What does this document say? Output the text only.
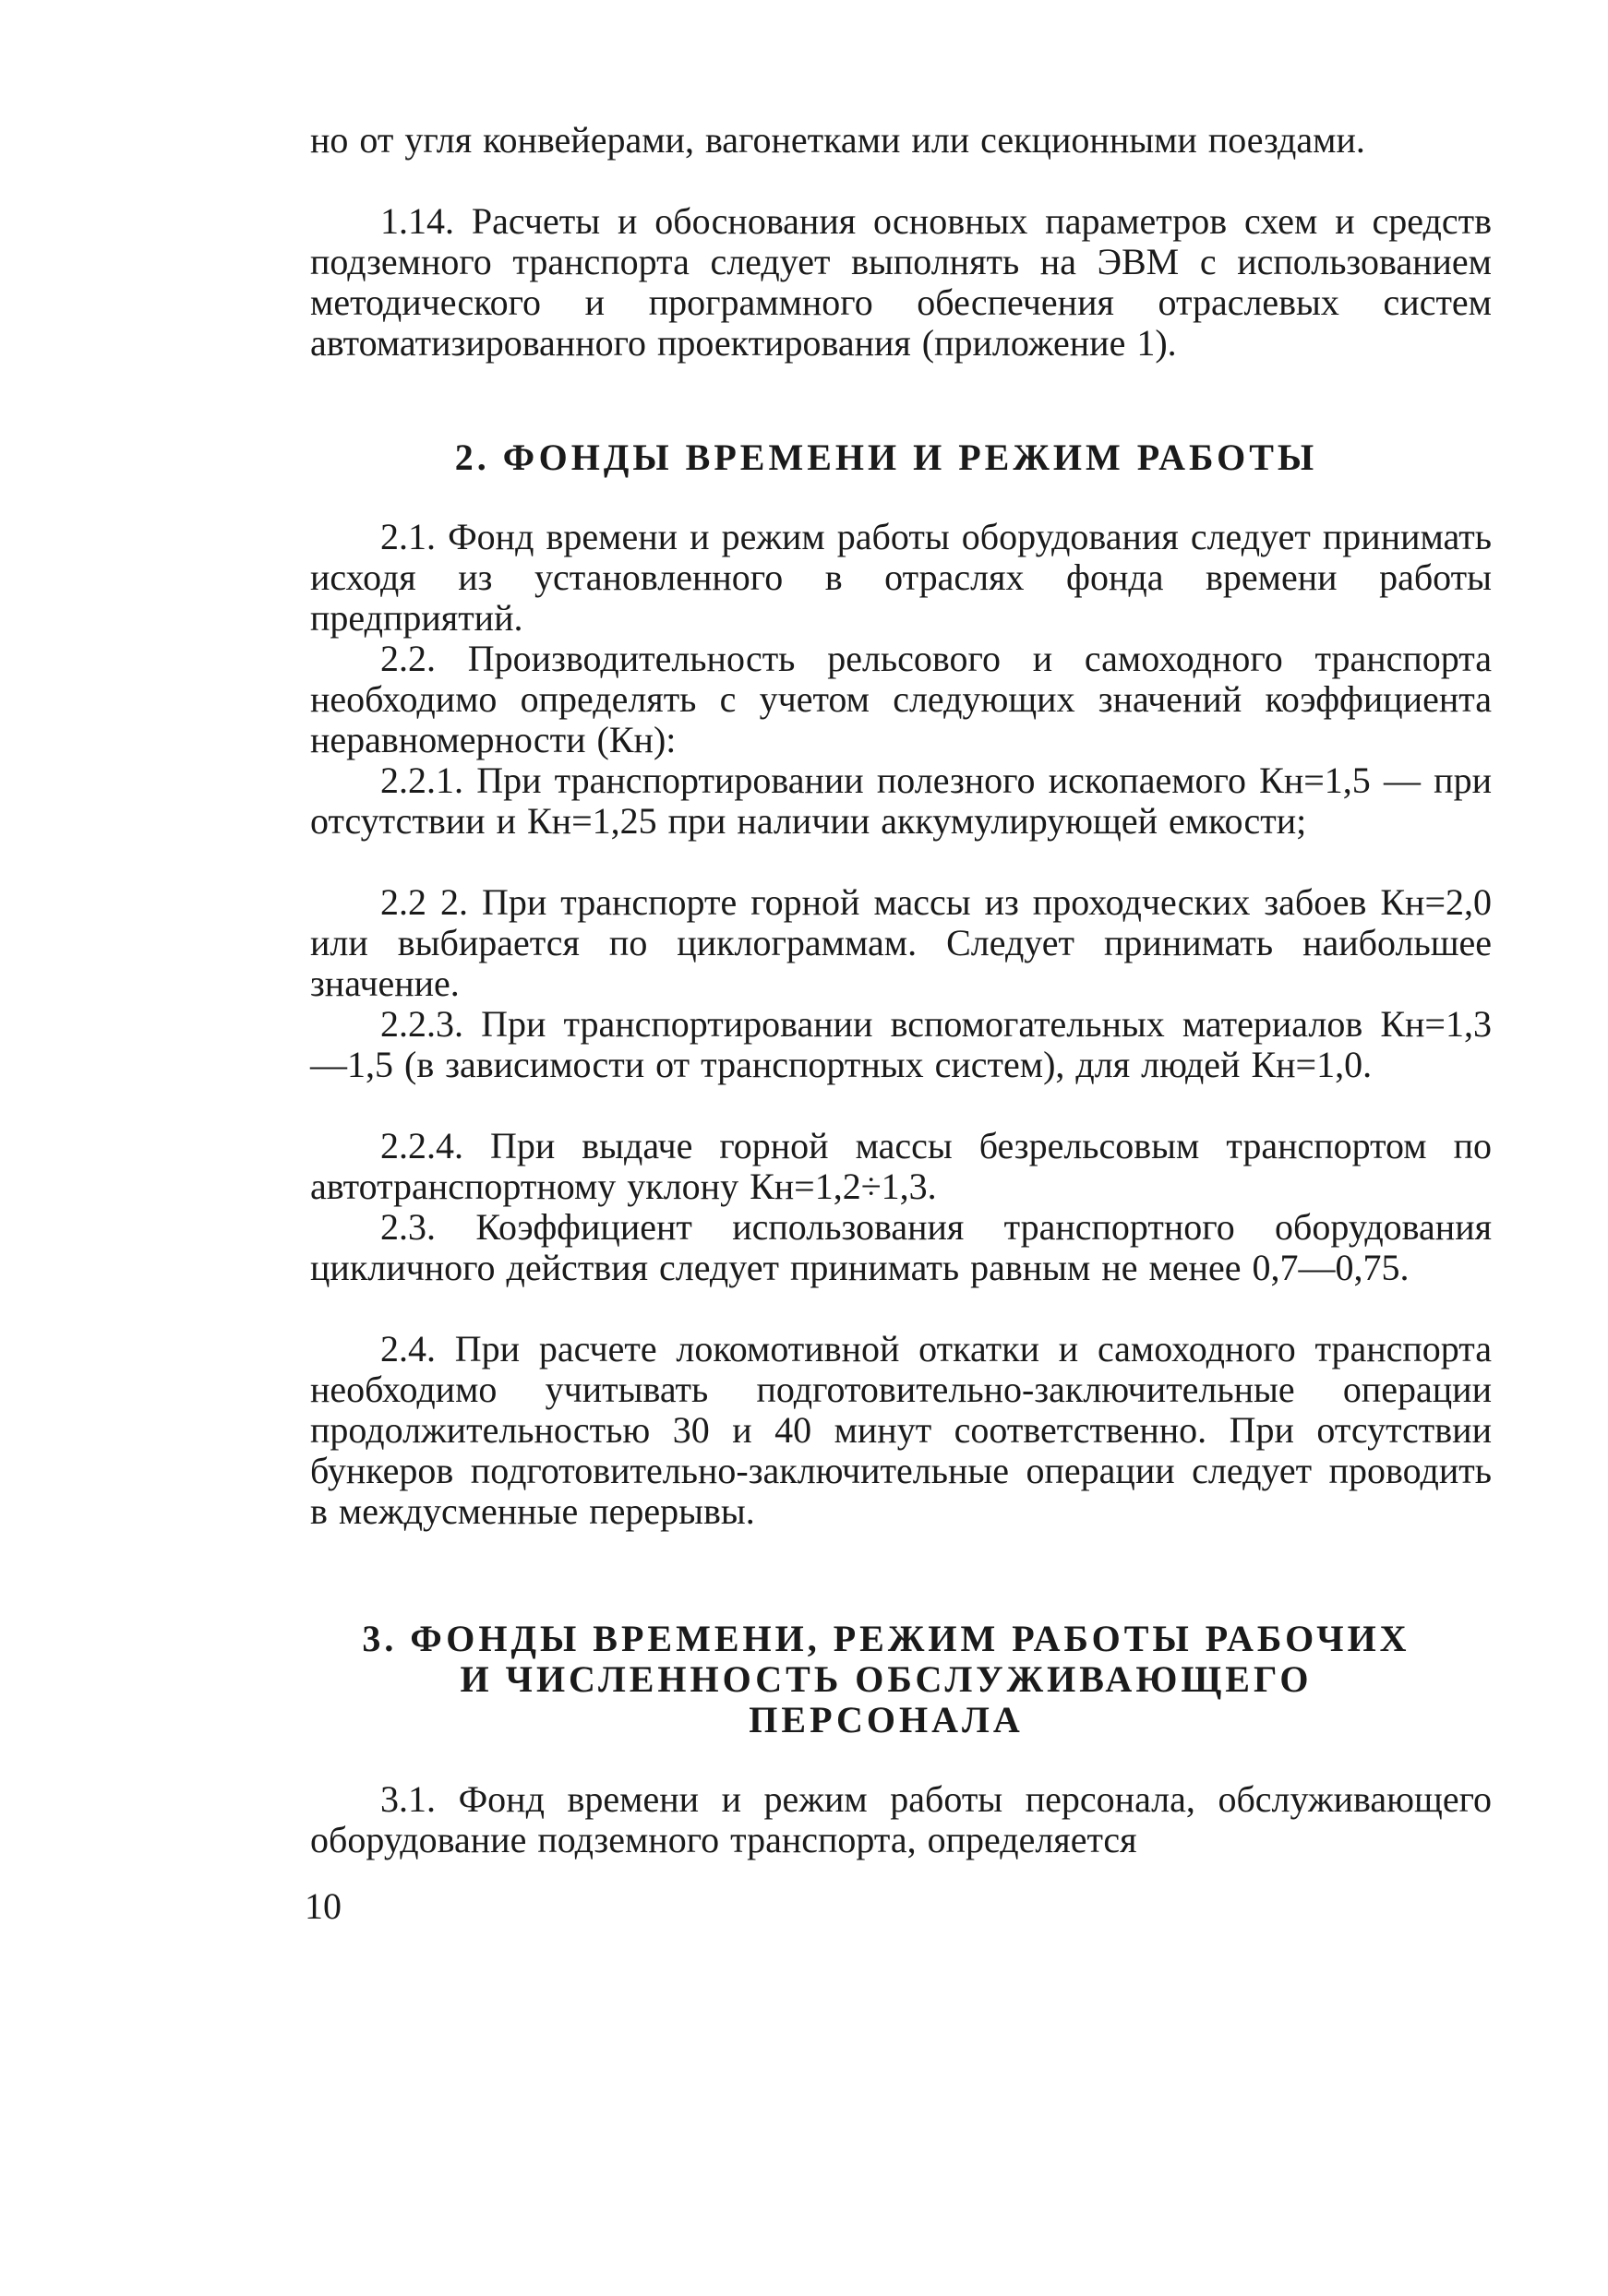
но от угля конвейерами, вагонетками или секционными поездами.

1.14. Расчеты и обоснования основных параметров схем и средств подземного транспорта следует выполнять на ЭВМ с использованием методического и программного обеспечения отраслевых систем автоматизированного проектирования (приложение 1).

2. ФОНДЫ ВРЕМЕНИ И РЕЖИМ РАБОТЫ

2.1. Фонд времени и режим работы оборудования следует принимать исходя из установленного в отраслях фонда времени работы предприятий.

2.2. Производительность рельсового и самоходного транспорта необходимо определять с учетом следующих значений коэффициента неравномерности (Кн):

2.2.1. При транспортировании полезного ископаемого Кн=1,5 — при отсутствии и Кн=1,25 при наличии аккумулирующей емкости;

2.2 2. При транспорте горной массы из проходческих забоев Кн=2,0 или выбирается по циклограммам. Следует принимать наибольшее значение.

2.2.3. При транспортировании вспомогательных материалов Кн=1,3—1,5 (в зависимости от транспортных систем), для людей Кн=1,0.

2.2.4. При выдаче горной массы безрельсовым транспортом по автотранспортному уклону Кн=1,2÷1,3.

2.3. Коэффициент использования транспортного оборудования цикличного действия следует принимать равным не менее 0,7—0,75.

2.4. При расчете локомотивной откатки и самоходного транспорта необходимо учитывать подготовительно-заключительные операции продолжительностью 30 и 40 минут соответственно. При отсутствии бункеров подготовительно-заключительные операции следует проводить в междусменные перерывы.

3. ФОНДЫ ВРЕМЕНИ, РЕЖИМ РАБОТЫ РАБОЧИХ
И ЧИСЛЕННОСТЬ ОБСЛУЖИВАЮЩЕГО
ПЕРСОНАЛА

3.1. Фонд времени и режим работы персонала, обслуживающего оборудование подземного транспорта, определяется

10
